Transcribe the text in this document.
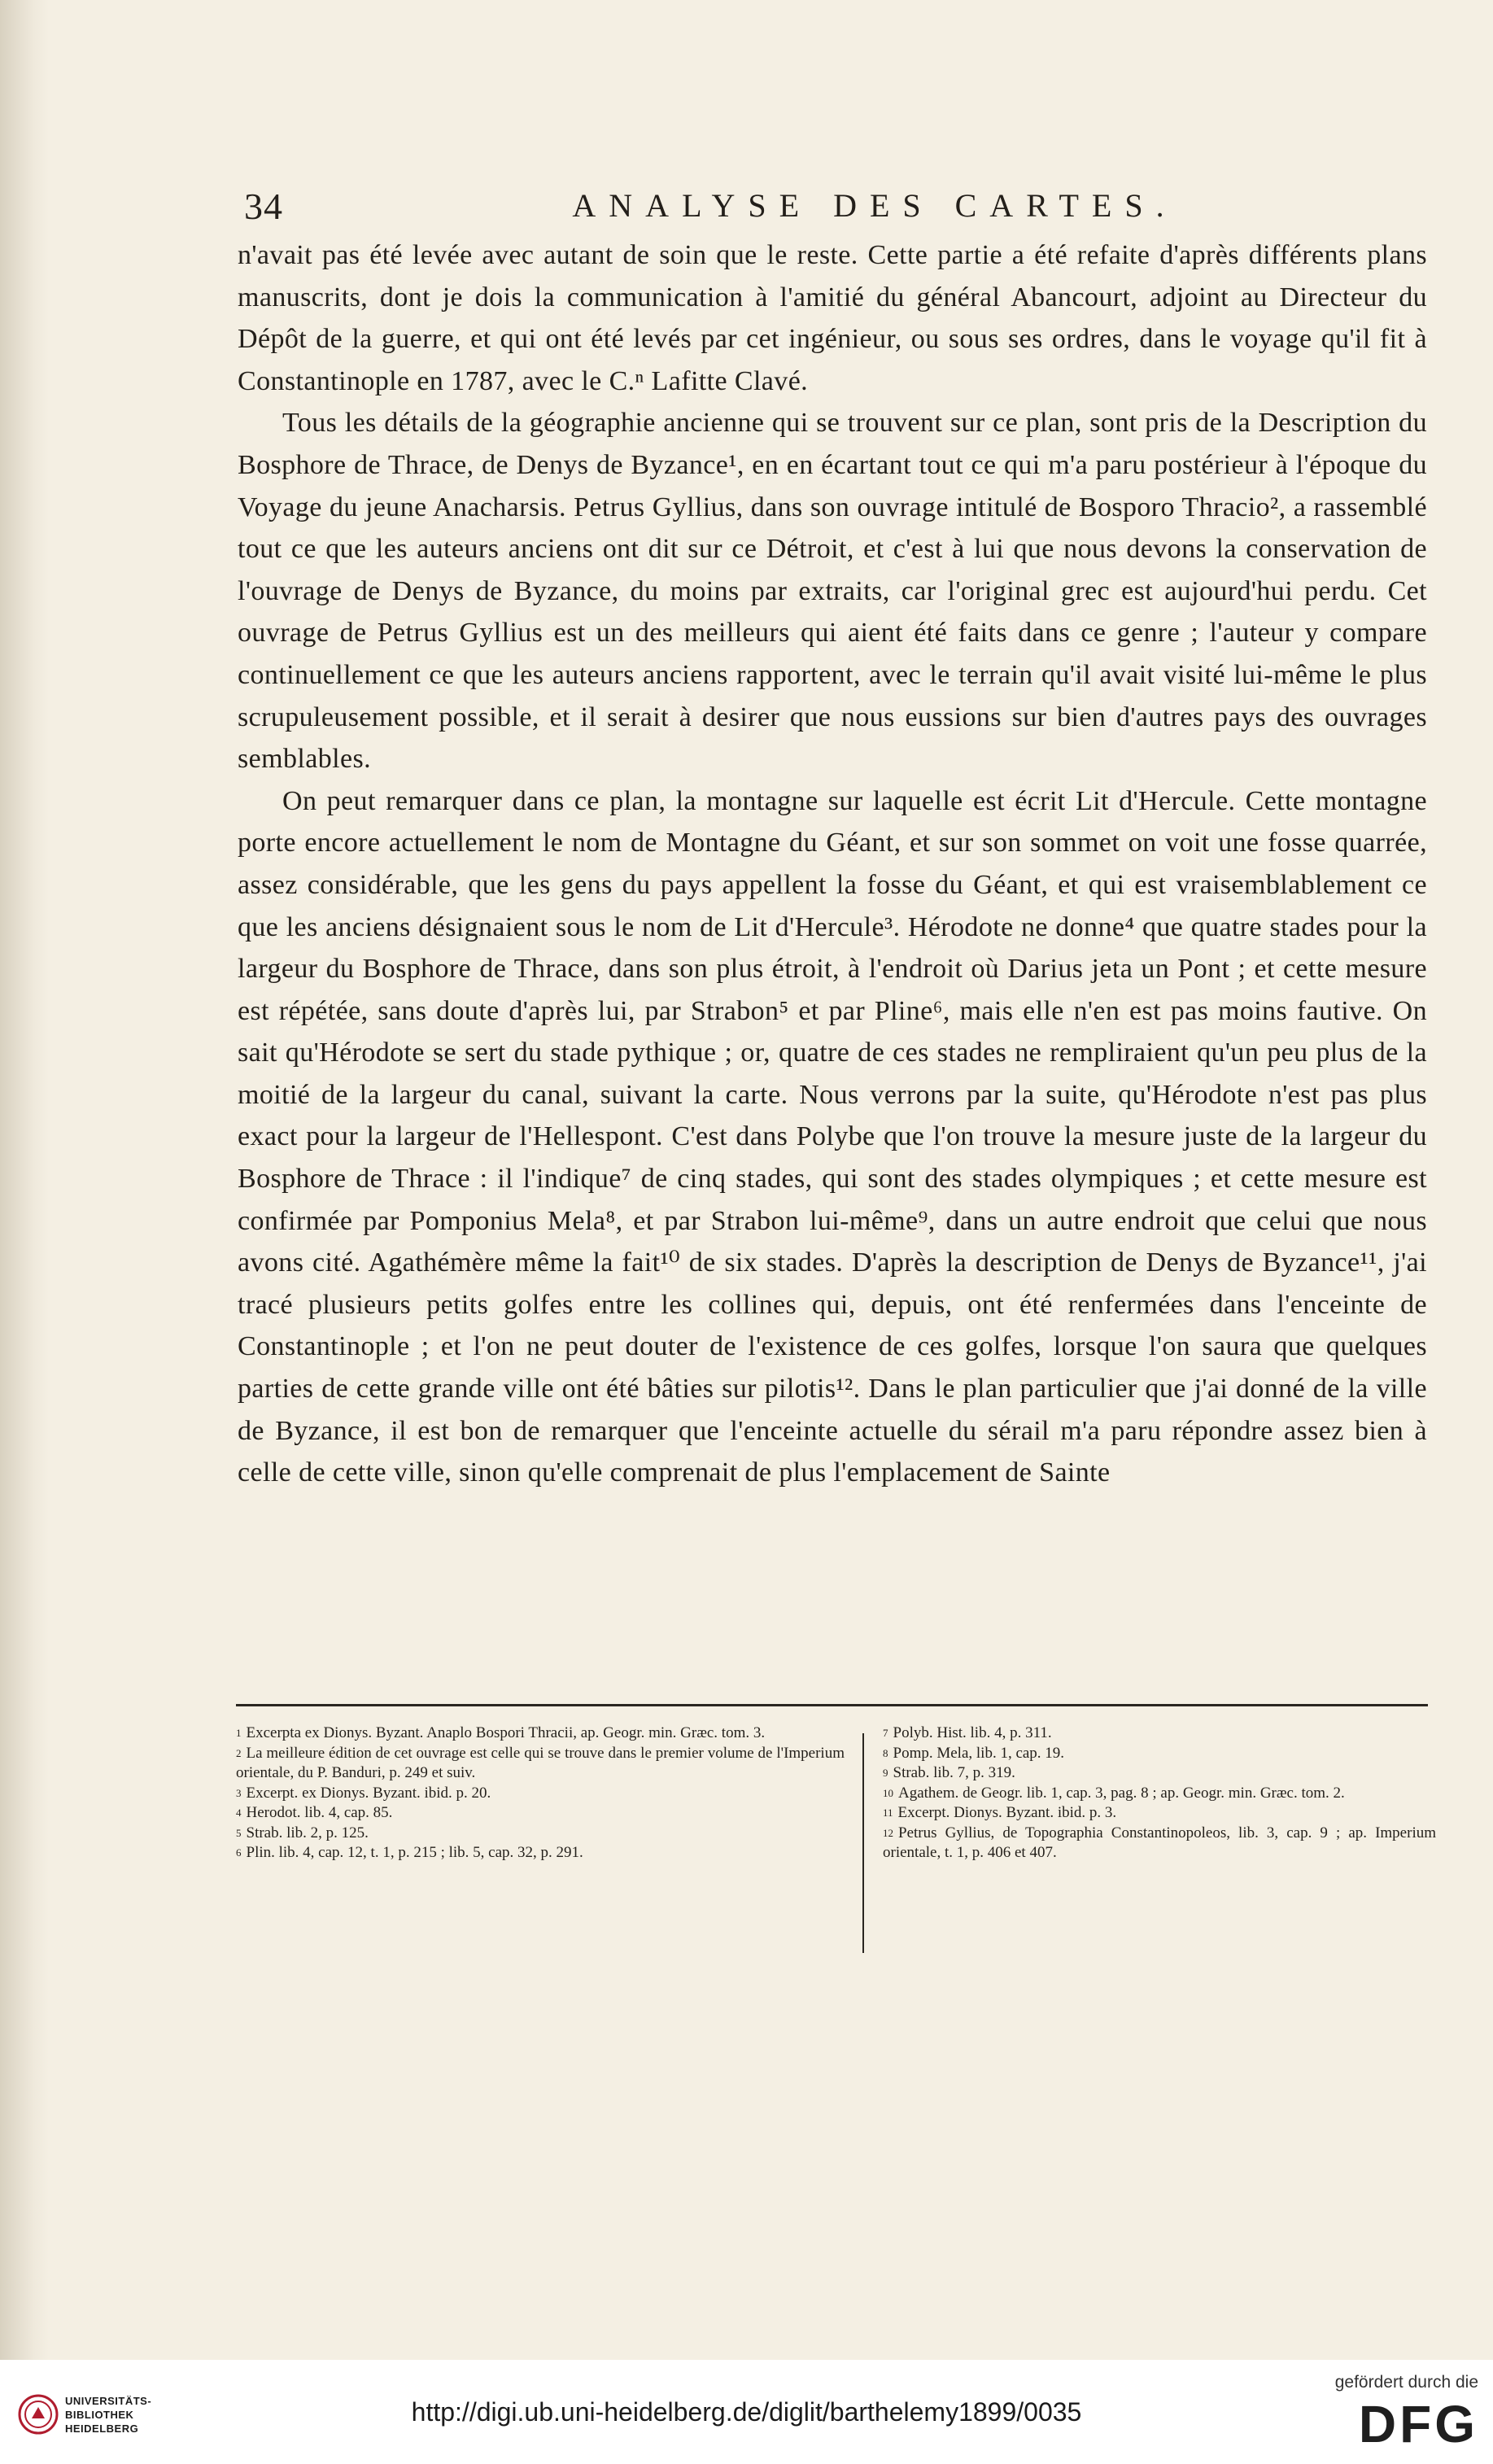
34	ANALYSE DES CARTES.

n'avait pas été levée avec autant de soin que le reste. Cette partie a été refaite d'après différents plans manuscrits, dont je dois la communication à l'amitié du général Abancourt, adjoint au Directeur du Dépôt de la guerre, et qui ont été levés par cet ingénieur, ou sous ses ordres, dans le voyage qu'il fit à Constantinople en 1787, avec le C.ⁿ Lafitte Clavé.

Tous les détails de la géographie ancienne qui se trouvent sur ce plan, sont pris de la Description du Bosphore de Thrace, de Denys de Byzance¹, en en écartant tout ce qui m'a paru postérieur à l'époque du Voyage du jeune Anacharsis. Petrus Gyllius, dans son ouvrage intitulé de Bosporo Thracio², a rassemblé tout ce que les auteurs anciens ont dit sur ce Détroit, et c'est à lui que nous devons la conservation de l'ouvrage de Denys de Byzance, du moins par extraits, car l'original grec est aujourd'hui perdu. Cet ouvrage de Petrus Gyllius est un des meilleurs qui aient été faits dans ce genre ; l'auteur y compare continuellement ce que les auteurs anciens rapportent, avec le terrain qu'il avait visité lui-même le plus scrupuleusement possible, et il serait à desirer que nous eussions sur bien d'autres pays des ouvrages semblables.

On peut remarquer dans ce plan, la montagne sur laquelle est écrit Lit d'Hercule. Cette montagne porte encore actuellement le nom de Montagne du Géant, et sur son sommet on voit une fosse quarrée, assez considérable, que les gens du pays appellent la fosse du Géant, et qui est vraisemblablement ce que les anciens désignaient sous le nom de Lit d'Hercule³. Hérodote ne donne⁴ que quatre stades pour la largeur du Bosphore de Thrace, dans son plus étroit, à l'endroit où Darius jeta un Pont ; et cette mesure est répétée, sans doute d'après lui, par Strabon⁵ et par Pline⁶, mais elle n'en est pas moins fautive. On sait qu'Hérodote se sert du stade pythique ; or, quatre de ces stades ne rempliraient qu'un peu plus de la moitié de la largeur du canal, suivant la carte. Nous verrons par la suite, qu'Hérodote n'est pas plus exact pour la largeur de l'Hellespont. C'est dans Polybe que l'on trouve la mesure juste de la largeur du Bosphore de Thrace : il l'indique⁷ de cinq stades, qui sont des stades olympiques ; et cette mesure est confirmée par Pomponius Mela⁸, et par Strabon lui-même⁹, dans un autre endroit que celui que nous avons cité. Agathémère même la fait¹⁰ de six stades. D'après la description de Denys de Byzance¹¹, j'ai tracé plusieurs petits golfes entre les collines qui, depuis, ont été renfermées dans l'enceinte de Constantinople ; et l'on ne peut douter de l'existence de ces golfes, lorsque l'on saura que quelques parties de cette grande ville ont été bâties sur pilotis¹². Dans le plan particulier que j'ai donné de la ville de Byzance, il est bon de remarquer que l'enceinte actuelle du sérail m'a paru répondre assez bien à celle de cette ville, sinon qu'elle comprenait de plus l'emplacement de Sainte

$^1$ Excerpta ex Dionys. Byzant. Anaplo Bospori Thracii, ap. Geogr. min. Græc. tom. 3.

$^2$ La meilleure édition de cet ouvrage est celle qui se trouve dans le premier volume de l'Imperium orientale, du P. Banduri, p. 249 et suiv.

$^3$ Excerpt. ex Dionys. Byzant. ibid. p. 20.

$^4$ Herodot. lib. 4, cap. 85.

$^5$ Strab. lib. 2, p. 125.

$^6$ Plin. lib. 4, cap. 12, t. 1, p. 215 ; lib. 5, cap. 32, p. 291.

$^7$ Polyb. Hist. lib. 4, p. 311.

$^8$ Pomp. Mela, lib. 1, cap. 19.

$^9$ Strab. lib. 7, p. 319.

$^{10}$ Agathem. de Geogr. lib. 1, cap. 3, pag. 8 ; ap. Geogr. min. Græc. tom. 2.

$^{11}$ Excerpt. Dionys. Byzant. ibid. p. 3.

$^{12}$ Petrus Gyllius, de Topographia Constantinopoleos, lib. 3, cap. 9 ; ap. Imperium orientale, t. 1, p. 406 et 407.

UNIVERSITÄTS-
BIBLIOTHEK
HEIDELBERG
http://digi.ub.uni-heidelberg.de/diglit/barthelemy1899/0035
gefördert durch die
DFG
